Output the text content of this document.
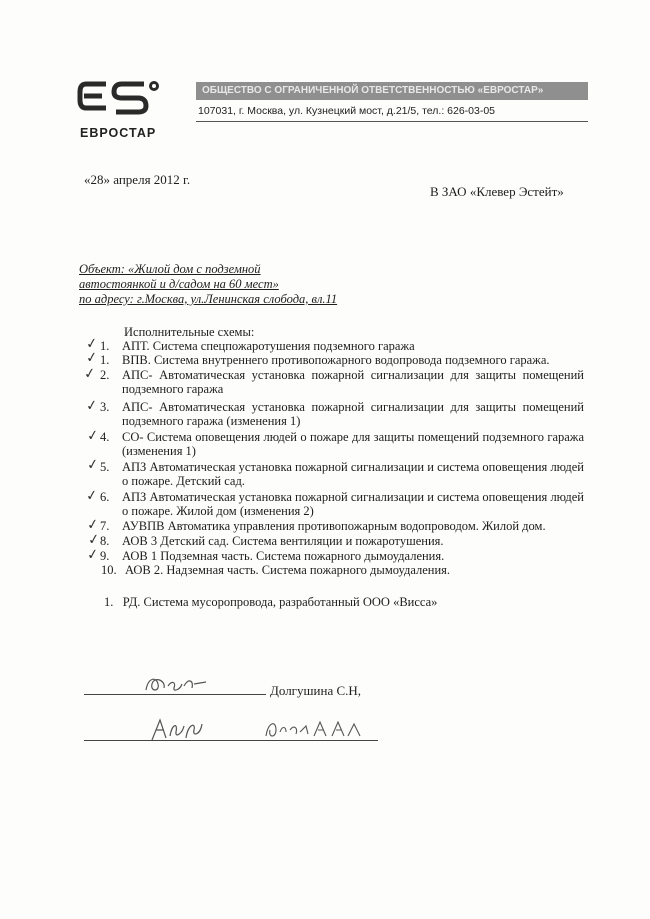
ЕВРОСТАР
ОБЩЕСТВО С ОГРАНИЧЕННОЙ ОТВЕТСТВЕННОСТЬЮ «ЕВРОСТАР»
107031, г. Москва, ул. Кузнецкий мост, д.21/5, тел.: 626-03-05
«28» апреля 2012 г.
В ЗАО «Клевер Эстейт»
Объект: «Жилой дом с подземной
автостоянкой и д/садом на 60 мест»
по адресу: г.Москва, ул.Ленинская слобода, вл.11
Исполнительные схемы:
1. АПТ. Система спецпожаротушения подземного гаража
1. ВПВ. Система внутреннего противопожарного водопровода подземного гаража.
2. АПС- Автоматическая установка пожарной сигнализации для защиты помещений подземного гаража
3. АПС- Автоматическая установка пожарной сигнализации для защиты помещений подземного гаража (изменения 1)
4. СО- Система оповещения людей о пожаре для защиты помещений подземного гаража (изменения 1)
5. АПЗ Автоматическая установка пожарной сигнализации и система оповещения людей о пожаре. Детский сад.
6. АПЗ Автоматическая установка пожарной сигнализации и система оповещения людей о пожаре. Жилой дом (изменения 2)
7. АУВПВ Автоматика управления противопожарным водопроводом. Жилой дом.
8. АОВ 3 Детский сад. Система вентиляции и пожаротушения.
9. АОВ 1 Подземная часть. Система пожарного дымоудаления.
10. АОВ 2. Надземная часть. Система пожарного дымоудаления.
✓
✓
✓
✓
✓
✓
✓
✓
✓
✓
1. РД. Система мусоропровода, разработанный ООО «Висса»
Долгушина С.Н,
